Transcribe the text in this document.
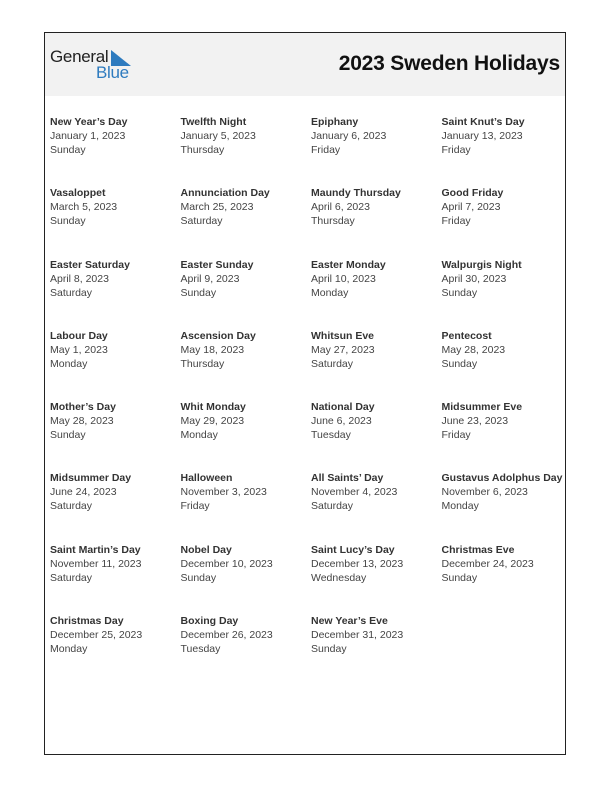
General
Blue	2023 Sweden Holidays
New Year’s Day
January 1, 2023
Sunday
Twelfth Night
January 5, 2023
Thursday
Epiphany
January 6, 2023
Friday
Saint Knut’s Day
January 13, 2023
Friday
Vasaloppet
March 5, 2023
Sunday
Annunciation Day
March 25, 2023
Saturday
Maundy Thursday
April 6, 2023
Thursday
Good Friday
April 7, 2023
Friday
Easter Saturday
April 8, 2023
Saturday
Easter Sunday
April 9, 2023
Sunday
Easter Monday
April 10, 2023
Monday
Walpurgis Night
April 30, 2023
Sunday
Labour Day
May 1, 2023
Monday
Ascension Day
May 18, 2023
Thursday
Whitsun Eve
May 27, 2023
Saturday
Pentecost
May 28, 2023
Sunday
Mother’s Day
May 28, 2023
Sunday
Whit Monday
May 29, 2023
Monday
National Day
June 6, 2023
Tuesday
Midsummer Eve
June 23, 2023
Friday
Midsummer Day
June 24, 2023
Saturday
Halloween
November 3, 2023
Friday
All Saints’ Day
November 4, 2023
Saturday
Gustavus Adolphus Day
November 6, 2023
Monday
Saint Martin’s Day
November 11, 2023
Saturday
Nobel Day
December 10, 2023
Sunday
Saint Lucy’s Day
December 13, 2023
Wednesday
Christmas Eve
December 24, 2023
Sunday
Christmas Day
December 25, 2023
Monday
Boxing Day
December 26, 2023
Tuesday
New Year’s Eve
December 31, 2023
Sunday
